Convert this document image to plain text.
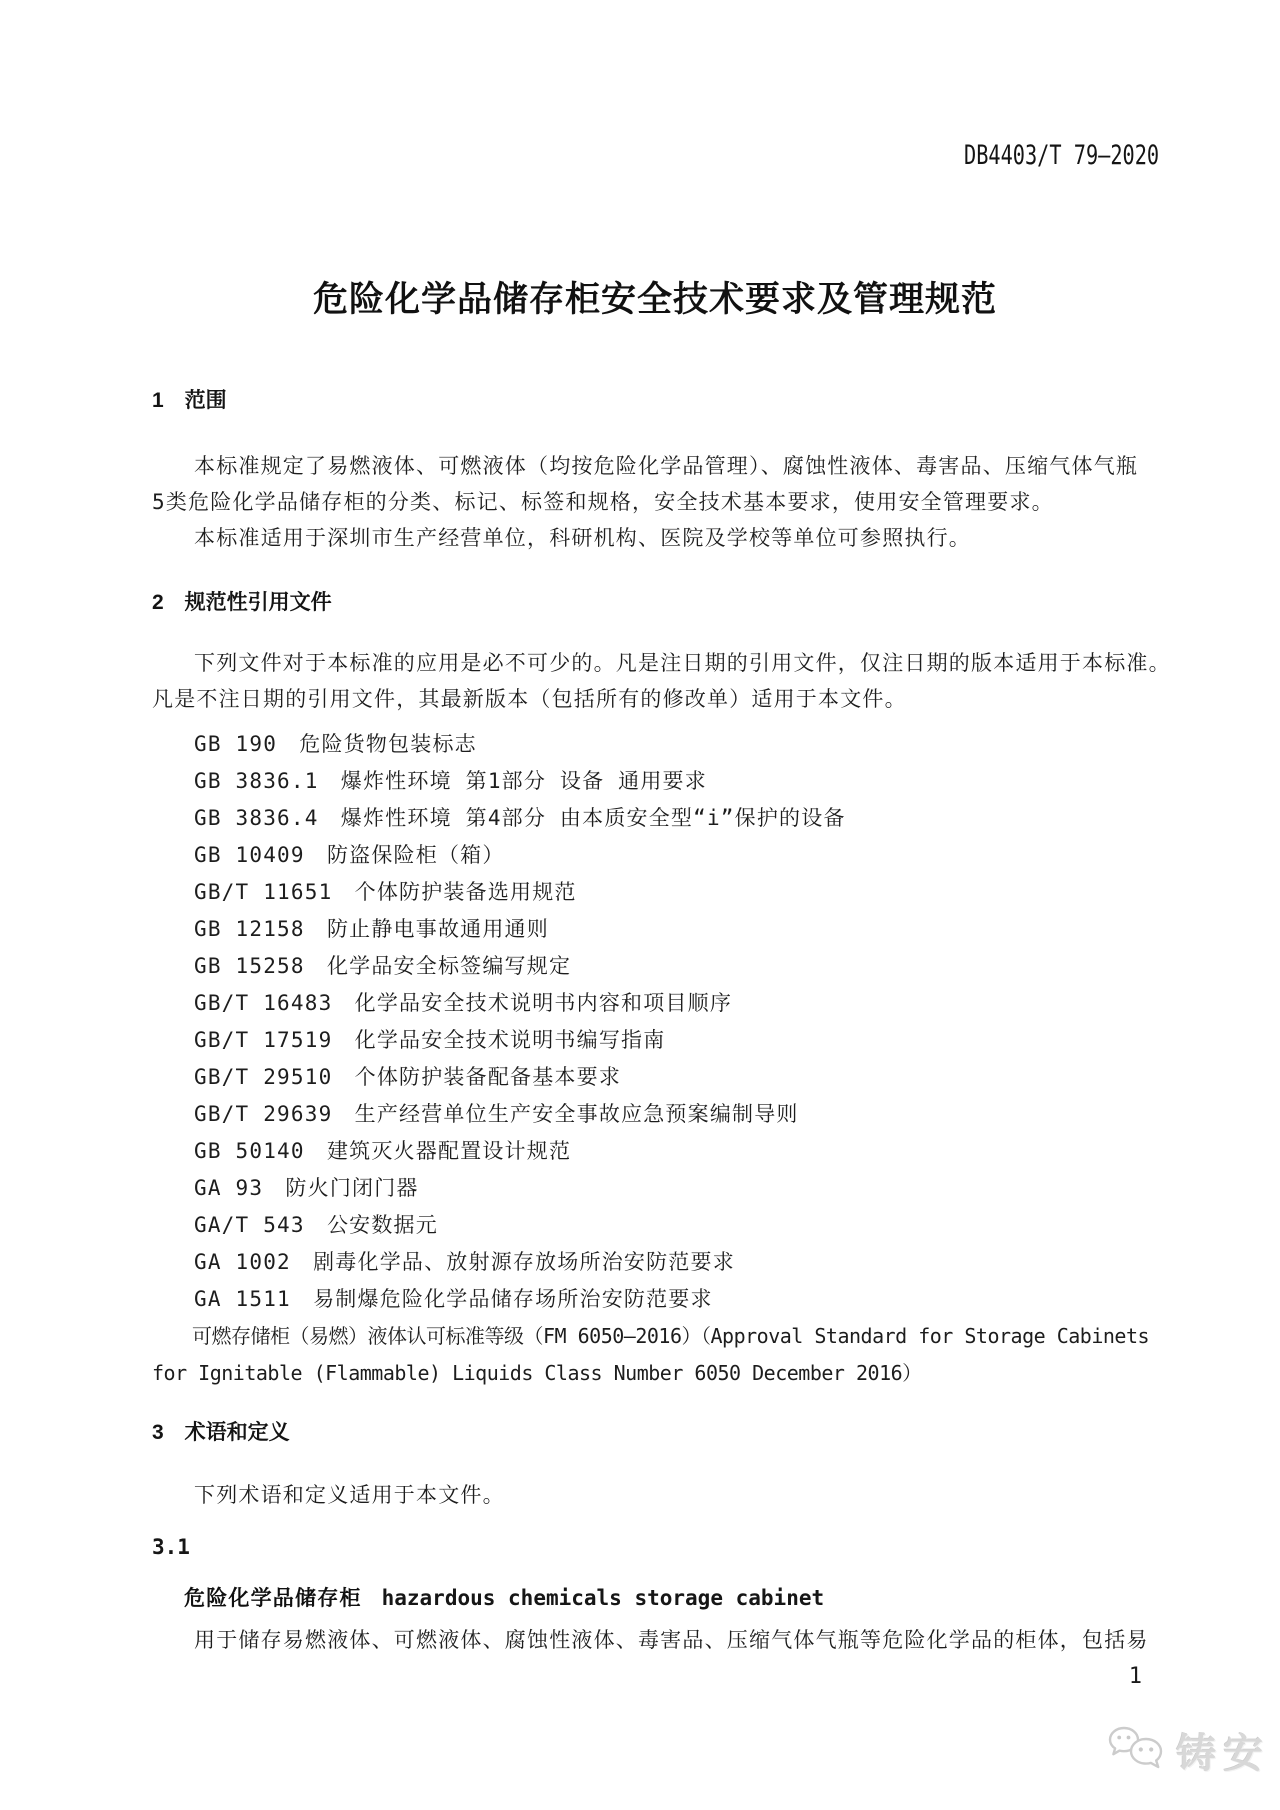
DB4403/T 79—2020
危险化学品储存柜安全技术要求及管理规范
1　范围
本标准规定了易燃液体、可燃液体（均按危险化学品管理）、腐蚀性液体、毒害品、压缩气体气瓶
5类危险化学品储存柜的分类、标记、标签和规格，安全技术基本要求，使用安全管理要求。
本标准适用于深圳市生产经营单位，科研机构、医院及学校等单位可参照执行。
2　规范性引用文件
下列文件对于本标准的应用是必不可少的。凡是注日期的引用文件，仅注日期的版本适用于本标准。
凡是不注日期的引用文件，其最新版本（包括所有的修改单）适用于本文件。
GB 190　危险货物包装标志
GB 3836.1　爆炸性环境 第1部分 设备 通用要求
GB 3836.4　爆炸性环境 第4部分 由本质安全型“i”保护的设备
GB 10409　防盗保险柜（箱）
GB/T 11651　个体防护装备选用规范
GB 12158　防止静电事故通用通则
GB 15258　化学品安全标签编写规定
GB/T 16483　化学品安全技术说明书内容和项目顺序
GB/T 17519　化学品安全技术说明书编写指南
GB/T 29510　个体防护装备配备基本要求
GB/T 29639　生产经营单位生产安全事故应急预案编制导则
GB 50140　建筑灭火器配置设计规范
GA 93　防火门闭门器
GA/T 543　公安数据元
GA 1002　剧毒化学品、放射源存放场所治安防范要求
GA 1511　易制爆危险化学品储存场所治安防范要求
可燃存储柜（易燃）液体认可标准等级（FM 6050—2016）（Approval Standard for Storage Cabinets
for Ignitable (Flammable) Liquids Class Number 6050 December 2016）
3　术语和定义
下列术语和定义适用于本文件。
3.1
危险化学品储存柜 hazardous chemicals storage cabinet
用于储存易燃液体、可燃液体、腐蚀性液体、毒害品、压缩气体气瓶等危险化学品的柜体，包括易
1
铸安
